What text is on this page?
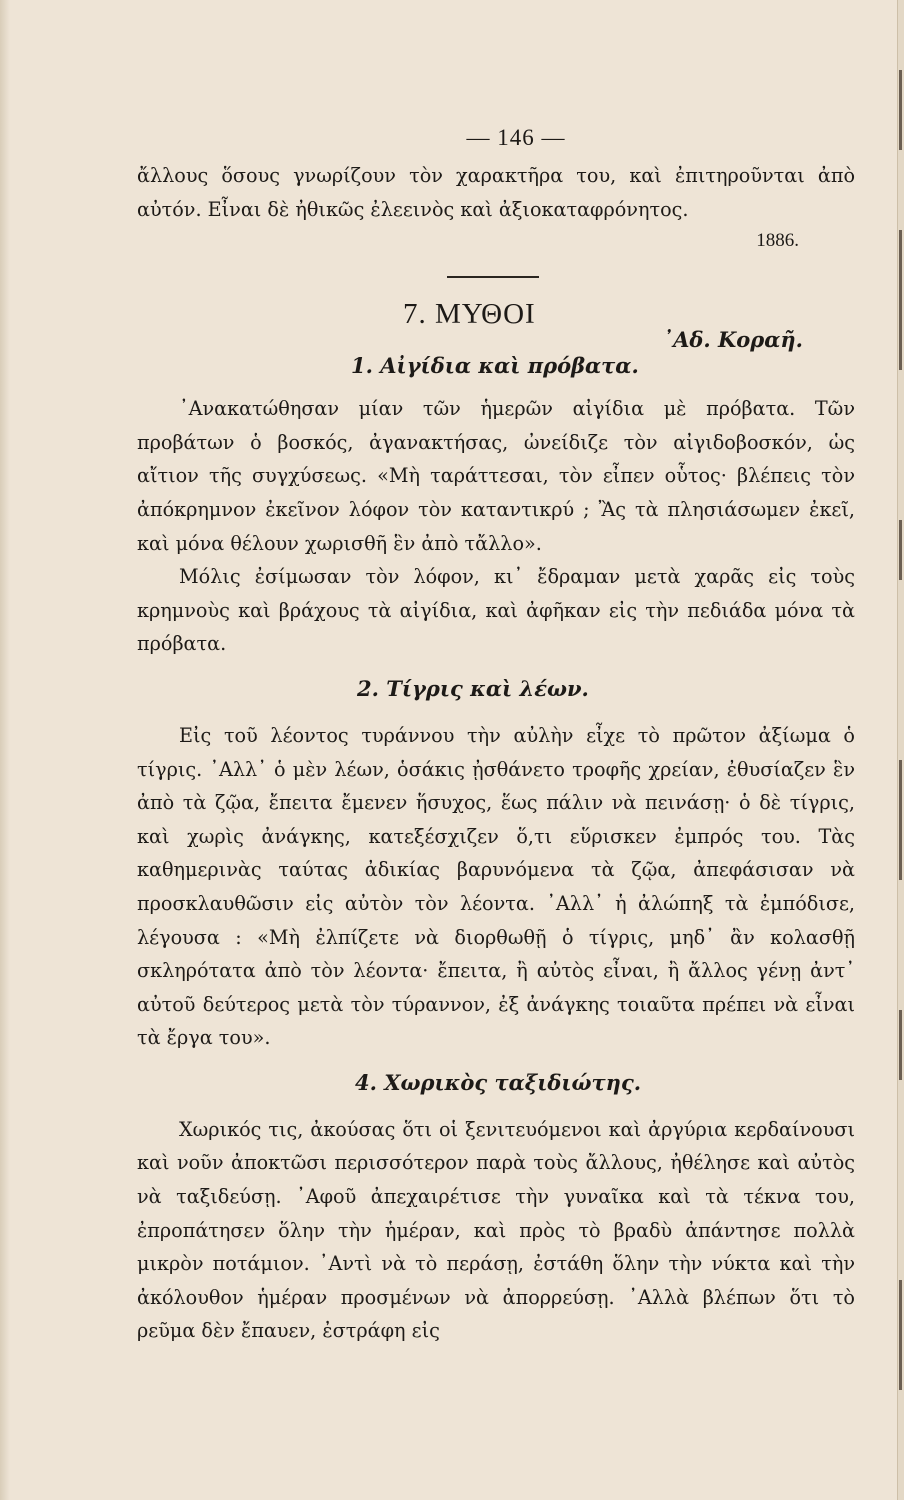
— 146 —

ἄλλους ὅσους γνωρίζουν τὸν χαρακτῆρα του, καὶ ἐπιτηροῦνται ἀπὸ αὐτόν. Εἶναι δὲ ἠθικῶς ἐλεεινὸς καὶ ἀξιοκαταφρόνητος.

1886.
7. ΜΥΘΟΙ
᾿Αδ. Κοραῆ.
1. Αἰγίδια καὶ πρόβατα.

᾿Ανακατώθησαν μίαν τῶν ἡμερῶν αἰγίδια μὲ πρόβατα. Τῶν προβάτων ὁ βοσκός, ἀγανακτήσας, ὠνείδιζε τὸν αἰγιδοβοσκόν, ὡς αἴτιον τῆς συγχύσεως. «Μὴ ταράττεσαι, τὸν εἶπεν οὗτος· βλέπεις τὸν ἀπόκρημνον ἐκεῖνον λόφον τὸν καταντικρύ ; Ἂς τὰ πλησιάσωμεν ἐκεῖ, καὶ μόνα θέλουν χωρισθῆ ἓν ἀπὸ τἄλλο».

Μόλις ἐσίμωσαν τὸν λόφον, κι᾿ ἔδραμαν μετὰ χαρᾶς εἰς τοὺς κρημνοὺς καὶ βράχους τὰ αἰγίδια, καὶ ἀφῆκαν εἰς τὴν πεδιάδα μόνα τὰ πρόβατα.

2. Τίγρις καὶ λέων.

Εἰς τοῦ λέοντος τυράννου τὴν αὐλὴν εἶχε τὸ πρῶτον ἀξίωμα ὁ τίγρις. ᾿Αλλ᾿ ὁ μὲν λέων, ὁσάκις ᾐσθάνετο τροφῆς χρείαν, ἐθυσίαζεν ἓν ἀπὸ τὰ ζῷα, ἔπειτα ἔμενεν ἥσυχος, ἕως πάλιν νὰ πεινάσῃ· ὁ δὲ τίγρις, καὶ χωρὶς ἀνάγκης, κατεξέσχιζεν ὅ,τι εὕρισκεν ἐμπρός του. Τὰς καθημερινὰς ταύτας ἀδικίας βαρυνόμενα τὰ ζῷα, ἀπεφάσισαν νὰ προσκλαυθῶσιν εἰς αὐτὸν τὸν λέοντα. ᾿Αλλ᾿ ἡ ἀλώπηξ τὰ ἐμπόδισε, λέγουσα : «Μὴ ἐλπίζετε νὰ διορθωθῇ ὁ τίγρις, μηδ᾿ ἂν κολασθῇ σκληρότατα ἀπὸ τὸν λέοντα· ἔπειτα, ἢ αὐτὸς εἶναι, ἢ ἄλλος γένῃ ἀντ᾿ αὐτοῦ δεύτερος μετὰ τὸν τύραννον, ἐξ ἀνάγκης τοιαῦτα πρέπει νὰ εἶναι τὰ ἔργα του».

4. Χωρικὸς ταξιδιώτης.

Χωρικός τις, ἀκούσας ὅτι οἱ ξενιτευόμενοι καὶ ἀργύρια κερδαίνουσι καὶ νοῦν ἀποκτῶσι περισσότερον παρὰ τοὺς ἄλλους, ἠθέλησε καὶ αὐτὸς νὰ ταξιδεύσῃ. ᾿Αφοῦ ἀπεχαιρέτισε τὴν γυναῖκα καὶ τὰ τέκνα του, ἐπροπάτησεν ὅλην τὴν ἡμέραν, καὶ πρὸς τὸ βραδὺ ἀπάντησε πολλὰ μικρὸν ποτάμιον. ᾿Αντὶ νὰ τὸ περάσῃ, ἐστάθη ὅλην τὴν νύκτα καὶ τὴν ἀκόλουθον ἡμέραν προσμένων νὰ ἀπορρεύσῃ. ᾿Αλλὰ βλέπων ὅτι τὸ ρεῦμα δὲν ἔπαυεν, ἐστράφη εἰς
